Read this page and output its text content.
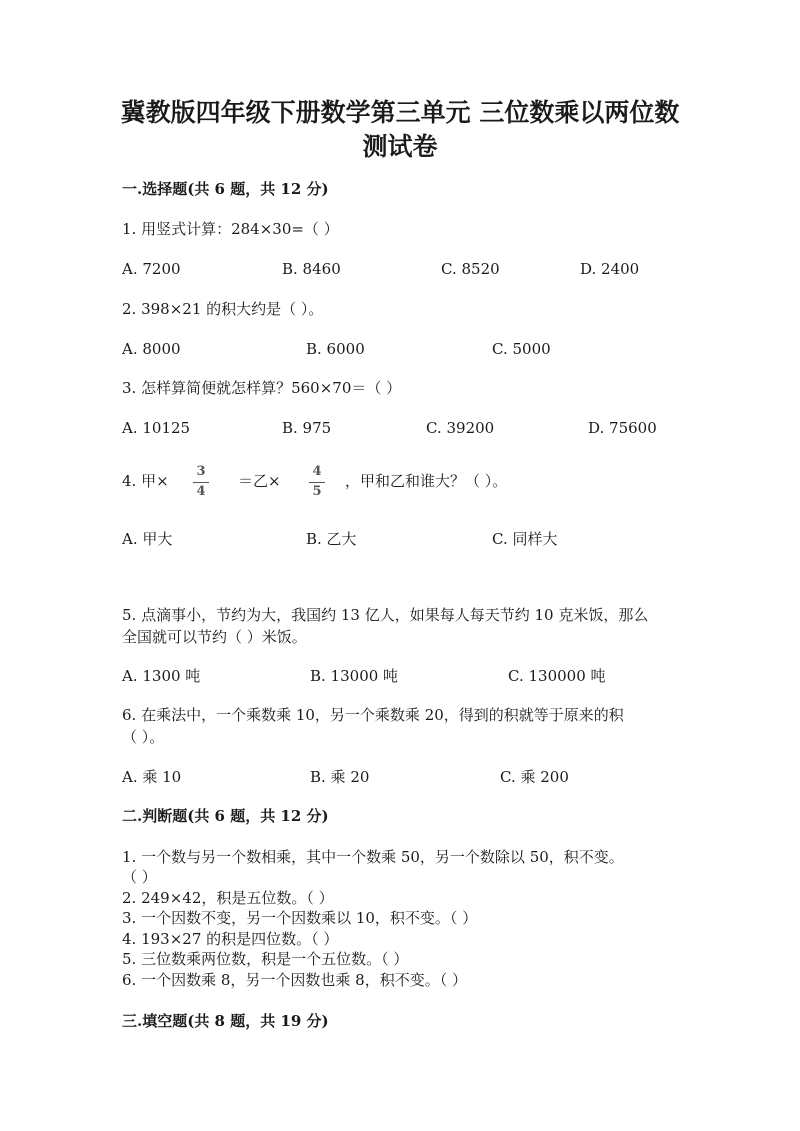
冀教版四年级下册数学第三单元 三位数乘以两位数
测试卷
一.选择题(共 6 题，共 12 分)
1. 用竖式计算：284×30=（ ）
A. 7200	B. 8460	C. 8520	D. 2400
2. 398×21 的积大约是（ ）。
A. 8000	B. 6000	C. 5000
3. 怎样算简便就怎样算？560×70＝（ ）
A. 10125	B. 975	C. 39200	D. 75600
4. 甲×
3
4
＝乙×
4
5
，甲和乙和谁大？（ ）。
A. 甲大	B. 乙大	C. 同样大
5. 点滴事小，节约为大，我国约 13 亿人，如果每人每天节约 10 克米饭，那么
全国就可以节约（ ）米饭。
A. 1300 吨	B. 13000 吨	C. 130000 吨
6. 在乘法中，一个乘数乘 10，另一个乘数乘 20，得到的积就等于原来的积
（ ）。
A. 乘 10	B. 乘 20	C. 乘 200
二.判断题(共 6 题，共 12 分)
1. 一个数与另一个数相乘，其中一个数乘 50，另一个数除以 50，积不变。
（ ）
2. 249×42，积是五位数。（ ）
3. 一个因数不变，另一个因数乘以 10，积不变。（ ）
4. 193×27 的积是四位数。（ ）
5. 三位数乘两位数，积是一个五位数。（ ）
6. 一个因数乘 8，另一个因数也乘 8，积不变。（ ）
三.填空题(共 8 题，共 19 分)
